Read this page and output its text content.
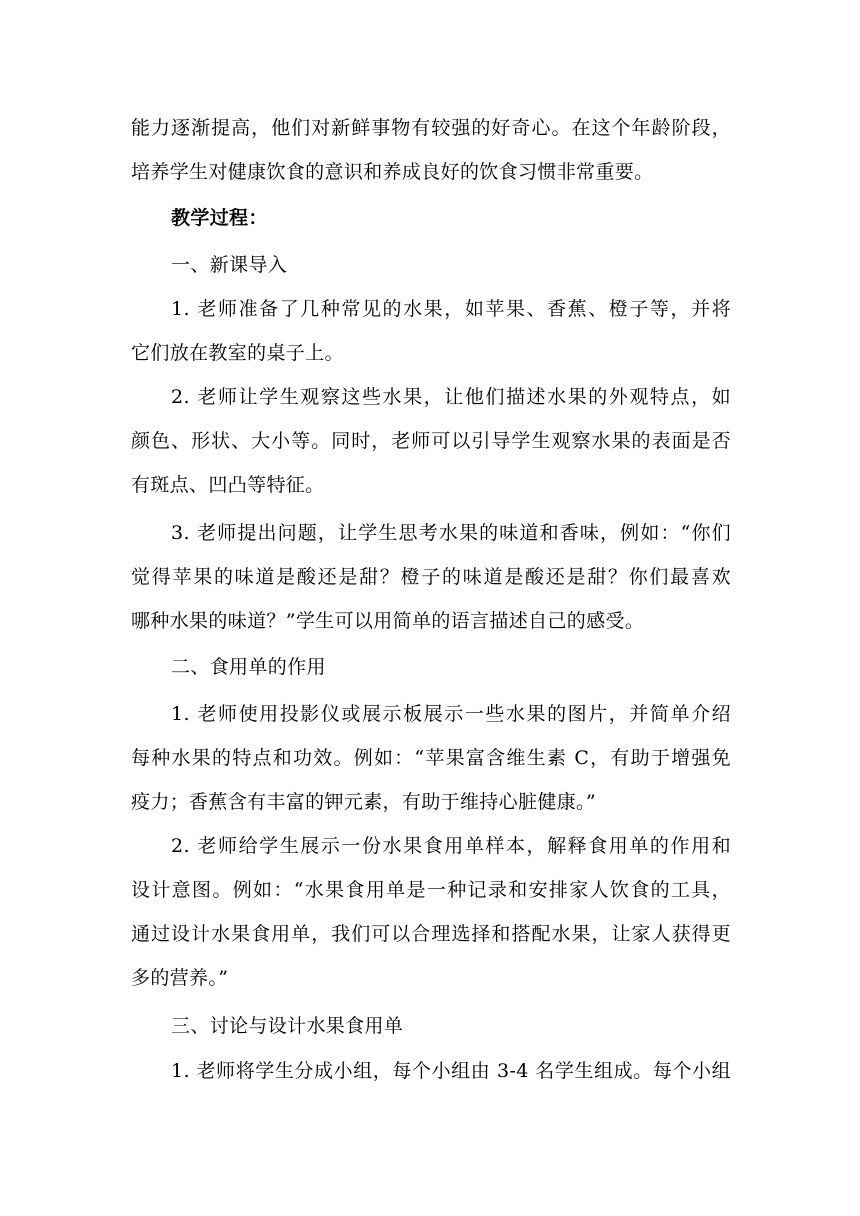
能力逐渐提高，他们对新鲜事物有较强的好奇心。在这个年龄阶段，
培养学生对健康饮食的意识和养成良好的饮食习惯非常重要。
教学过程：
一、新课导入
1. 老师准备了几种常见的水果，如苹果、香蕉、橙子等，并将
它们放在教室的桌子上。
2. 老师让学生观察这些水果，让他们描述水果的外观特点，如
颜色、形状、大小等。同时，老师可以引导学生观察水果的表面是否
有斑点、凹凸等特征。
3. 老师提出问题，让学生思考水果的味道和香味，例如：“你们
觉得苹果的味道是酸还是甜？橙子的味道是酸还是甜？你们最喜欢
哪种水果的味道？”学生可以用简单的语言描述自己的感受。
二、食用单的作用
1. 老师使用投影仪或展示板展示一些水果的图片，并简单介绍
每种水果的特点和功效。例如：“苹果富含维生素 C，有助于增强免
疫力；香蕉含有丰富的钾元素，有助于维持心脏健康。”
2. 老师给学生展示一份水果食用单样本，解释食用单的作用和
设计意图。例如：“水果食用单是一种记录和安排家人饮食的工具，
通过设计水果食用单，我们可以合理选择和搭配水果，让家人获得更
多的营养。”
三、讨论与设计水果食用单
1. 老师将学生分成小组，每个小组由 3-4 名学生组成。每个小组
